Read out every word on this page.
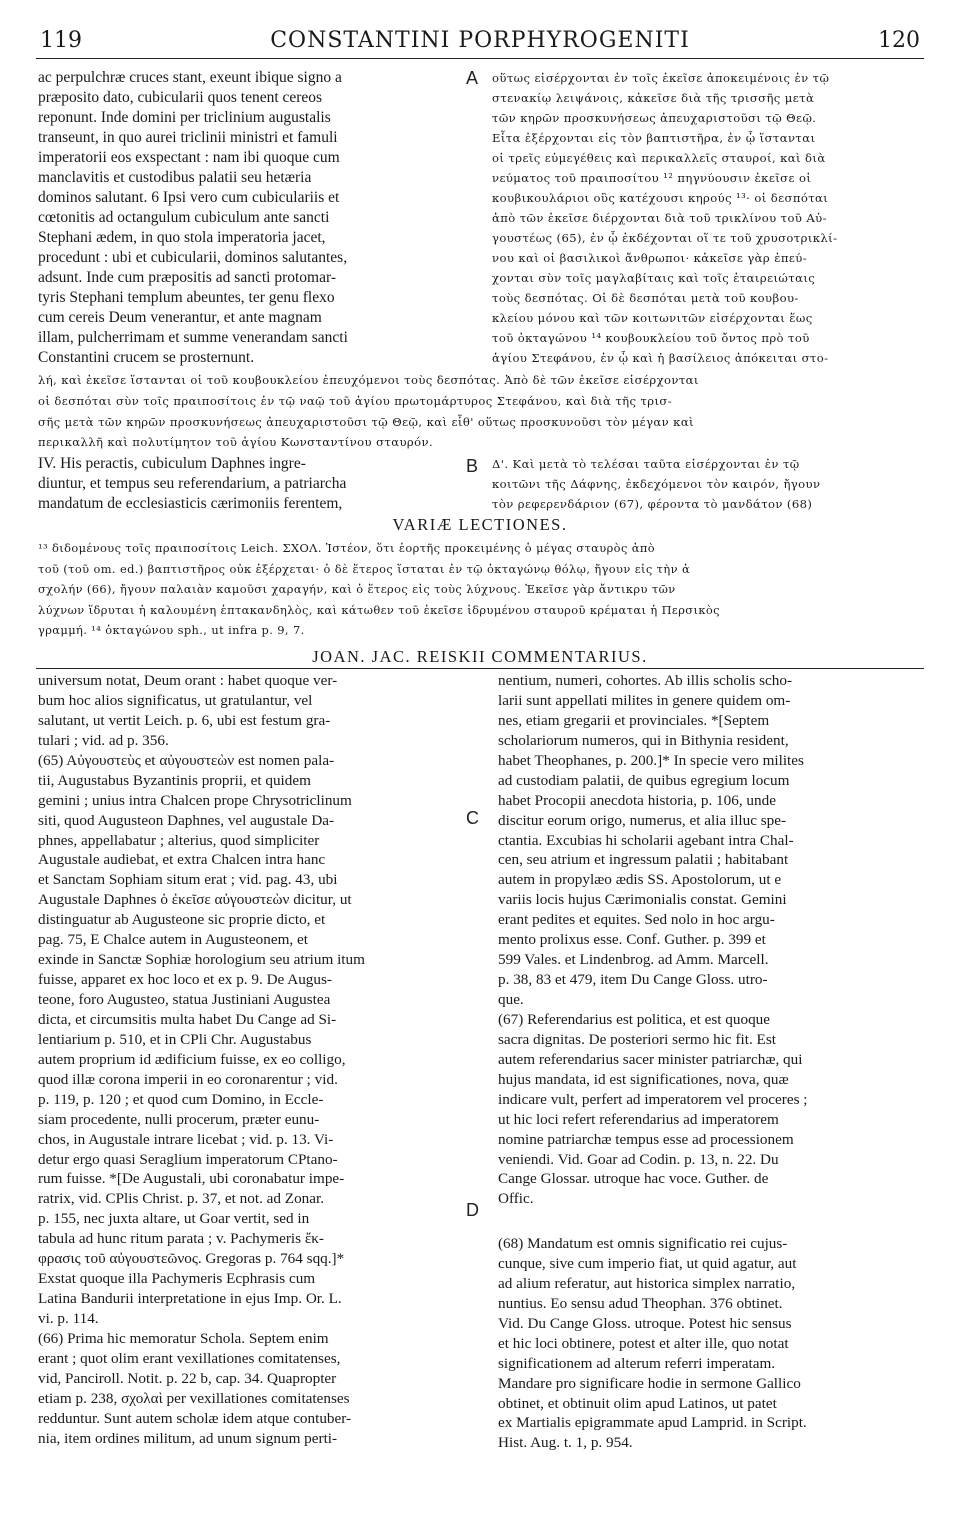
119	CONSTANTINI PORPHYROGENITI	120
ac perpulchræ cruces stant, exeunt ibique signo a
præposito dato, cubicularii quos tenent cereos
reponunt. Inde domini per triclinium augustalis
transeunt, in quo aurei triclinii ministri et famuli
imperatorii eos exspectant : nam ibi quoque cum
manclavitis et custodibus palatii seu hetæria
dominos salutant. 6 Ipsi vero cum cubiculariis et
cœtonitis ad octangulum cubiculum ante sancti
Stephani ædem, in quo stola imperatoria jacet,
procedunt : ubi et cubicularii, dominos salutantes,
adsunt. Inde cum præpositis ad sancti protomar-
tyris Stephani templum abeuntes, ter genu flexo
cum cereis Deum venerantur, et ante magnam
illam, pulcherrimam et summe venerandam sancti
Constantini crucem se prosternunt.
A οὕτως εἰσέρχονται ἐν τοῖς ἐκεῖσε ἀποκειμένοις ἐν τῷ
στενακίῳ λειψάνοις, κἀκεῖσε διὰ τῆς τρισσῆς μετὰ
τῶν κηρῶν προσκυνήσεως ἀπευχαριστοῦσι τῷ Θεῷ.
Εἶτα ἐξέρχονται εἰς τὸν βαπτιστῆρα, ἐν ᾧ ἵστανται
οἱ τρεῖς εὐμεγέθεις καὶ περικαλλεῖς σταυροί, καὶ διὰ
νεύματος τοῦ πραιποσίτου ¹² πηγνύουσιν ἐκεῖσε οἱ
κουβικουλάριοι οὓς κατέχουσι κηρούς ¹³· οἱ δεσπόται
ἀπὸ τῶν ἐκεῖσε διέρχονται διὰ τοῦ τρικλίνου τοῦ Αὐ-
γουστέως (65), ἐν ᾧ ἐκδέχονται οἵ τε τοῦ χρυσοτρικλί-
νου καὶ οἱ βασιλικοὶ ἄνθρωποι· κἀκεῖσε γὰρ ἐπεύ-
χονται σὺν τοῖς μαγλαβίταις καὶ τοῖς ἑταιρειώταις
τοὺς δεσπότας. Οἱ δὲ δεσπόται μετὰ τοῦ κουβου-
κλείου μόνου καὶ τῶν κοιτωνιτῶν εἰσέρχονται ἕως
τοῦ ὀκταγώνου ¹⁴ κουβουκλείου τοῦ ὄντος πρὸ τοῦ
ἁγίου Στεφάνου, ἐν ᾧ καὶ ἡ βασίλειος ἀπόκειται στο-
λή, καὶ ἐκεῖσε ἵστανται οἱ τοῦ κουβουκλείου ἐπευχόμενοι τοὺς δεσπότας. Ἀπὸ δὲ τῶν ἐκεῖσε εἰσέρχονται
οἱ δεσπόται σὺν τοῖς πραιποσίτοις ἐν τῷ ναῷ τοῦ ἁγίου πρωτομάρτυρος Στεφάνου, καὶ διὰ τῆς τρισ-
σῆς μετὰ τῶν κηρῶν προσκυνήσεως ἀπευχαριστοῦσι τῷ Θεῷ, καὶ εἶθ' οὕτως προσκυνοῦσι τὸν μέγαν καὶ
περικαλλῆ καὶ πολυτίμητον τοῦ ἁγίου Κωνσταντίνου σταυρόν.
IV. His peractis, cubiculum Daphnes ingre-
diuntur, et tempus seu referendarium, a patriarcha
mandatum de ecclesiasticis cærimoniis ferentem,
B Δ'. Καὶ μετὰ τὸ τελέσαι ταῦτα εἰσέρχονται ἐν τῷ
κοιτῶνι τῆς Δάφνης, ἐκδεχόμενοι τὸν καιρόν, ἤγουν
τὸν ρεφερενδάριον (67), φέροντα τὸ μανδάτον (68)
VARIÆ LECTIONES.
¹³ διδομένους τοῖς πραιποσίτοις Leich. ΣΧΟΛ. Ἰστέον, ὅτι ἑορτῆς προκειμένης ὁ μέγας σταυρὸς ἀπὸ
τοῦ (τοῦ om. ed.) βαπτιστῆρος οὐκ ἐξέρχεται· ὁ δὲ ἕτερος ἵσταται ἐν τῷ ὀκταγώνῳ θόλῳ, ἤγουν εἰς τὴν ἁ
σχολήν (66), ἤγουν παλαιὰν καμοῦσι χαραγήν, καὶ ὁ ἕτερος εἰς τοὺς λύχνους. Ἐκεῖσε γὰρ ἄντικρυ τῶν
λύχνων ἵδρυται ἡ καλουμένη ἑπτακανδηλὸς, καὶ κάτωθεν τοῦ ἐκεῖσε ἱδρυμένου σταυροῦ κρέμαται ἡ Περσικὸς
γραμμή. ¹⁴ ὀκταγώνου sph., ut infra p. 9, 7.
JOAN. JAC. REISKII COMMENTARIUS.
universum notat, Deum orant : habet quoque ver-
bum hoc alios significatus, ut gratulantur, vel
salutant, ut vertit Leich. p. 6, ubi est festum gra-
tulari ; vid. ad p. 356.
(65) Αὐγουστεὺς et αὐγουστεὼν est nomen pala-
tii, Augustabus Byzantinis proprii, et quidem
gemini ; unius intra Chalcen prope Chrysotriclinum
siti, quod Augusteon Daphnes, vel augustale Da-
phnes, appellabatur ; alterius, quod simpliciter
Augustale audiebat, et extra Chalcen intra hanc
et Sanctam Sophiam situm erat ; vid. pag. 43, ubi
Augustale Daphnes ὁ ἐκεῖσε αὐγουστεὼν dicitur, ut
distinguatur ab Augusteone sic proprie dicto, et
pag. 75, E Chalce autem in Augusteonem, et
exinde in Sanctæ Sophiæ horologium seu atrium itum
fuisse, apparet ex hoc loco et ex p. 9. De Augus-
teone, foro Augusteo, statua Justiniani Augustea
dicta, et circumsitis multa habet Du Cange ad Si-
lentiarium p. 510, et in CPli Chr. Augustabus
autem proprium id ædificium fuisse, ex eo colligo,
quod illæ corona imperii in eo coronarentur ; vid.
p. 119, p. 120 ; et quod cum Domino, in Eccle-
siam procedente, nulli procerum, præter eunu-
chos, in Augustale intrare licebat ; vid. p. 13. Vi-
detur ergo quasi Seraglium imperatorum CPtano-
rum fuisse. *[De Augustali, ubi coronabatur impe-
ratrix, vid. CPlis Christ. p. 37, et not. ad Zonar.
p. 155, nec juxta altare, ut Goar vertit, sed in
tabula ad hunc ritum parata ; v. Pachymeris ἔκ-
φρασις τοῦ αὐγουστεῶνος. Gregoras p. 764 sqq.]*
Exstat quoque illa Pachymeris Ecphrasis cum
Latina Bandurii interpretatione in ejus Imp. Or. L.
vi. p. 114.
(66) Prima hic memoratur Schola. Septem enim
erant ; quot olim erant vexillationes comitatenses,
vid, Panciroll. Notit. p. 22 b, cap. 34. Quapropter
etiam p. 238, σχολαὶ per vexillationes comitatenses
redduntur. Sunt autem scholæ idem atque contuber-
nia, item ordines militum, ad unum signum perti-
C
D
nentium, numeri, cohortes. Ab illis scholis scho-
larii sunt appellati milites in genere quidem om-
nes, etiam gregarii et provinciales. *[Septem
scholariorum numeros, qui in Bithynia resident,
habet Theophanes, p. 200.]* In specie vero milites
ad custodiam palatii, de quibus egregium locum
habet Procopii anecdota historia, p. 106, unde
discitur eorum origo, numerus, et alia illuc spe-
ctantia. Excubias hi scholarii agebant intra Chal-
cen, seu atrium et ingressum palatii ; habitabant
autem in propylæo ædis SS. Apostolorum, ut e
variis locis hujus Cærimonialis constat. Gemini
erant pedites et equites. Sed nolo in hoc argu-
mento prolixus esse. Conf. Guther. p. 399 et
599 Vales. et Lindenbrog. ad Amm. Marcell.
p. 38, 83 et 479, item Du Cange Gloss. utro-
que.
(67) Referendarius est politica, et est quoque
sacra dignitas. De posteriori sermo hic fit. Est
autem referendarius sacer minister patriarchæ, qui
hujus mandata, id est significationes, nova, quæ
indicare vult, perfert ad imperatorem vel proceres ;
ut hic loci refert referendarius ad imperatorem
nomine patriarchæ tempus esse ad processionem
veniendi. Vid. Goar ad Codin. p. 13, n. 22. Du
Cange Glossar. utroque hac voce. Guther. de
Offic.
(68) Mandatum est omnis significatio rei cujus-
cunque, sive cum imperio fiat, ut quid agatur, aut
ad alium referatur, aut historica simplex narratio,
nuntius. Eo sensu adud Theophan. 376 obtinet.
Vid. Du Cange Gloss. utroque. Potest hic sensus
et hic loci obtinere, potest et alter ille, quo notat
significationem ad alterum referri imperatam.
Mandare pro significare hodie in sermone Gallico
obtinet, et obtinuit olim apud Latinos, ut patet
ex Martialis epigrammate apud Lamprid. in Script.
Hist. Aug. t. 1, p. 954.
